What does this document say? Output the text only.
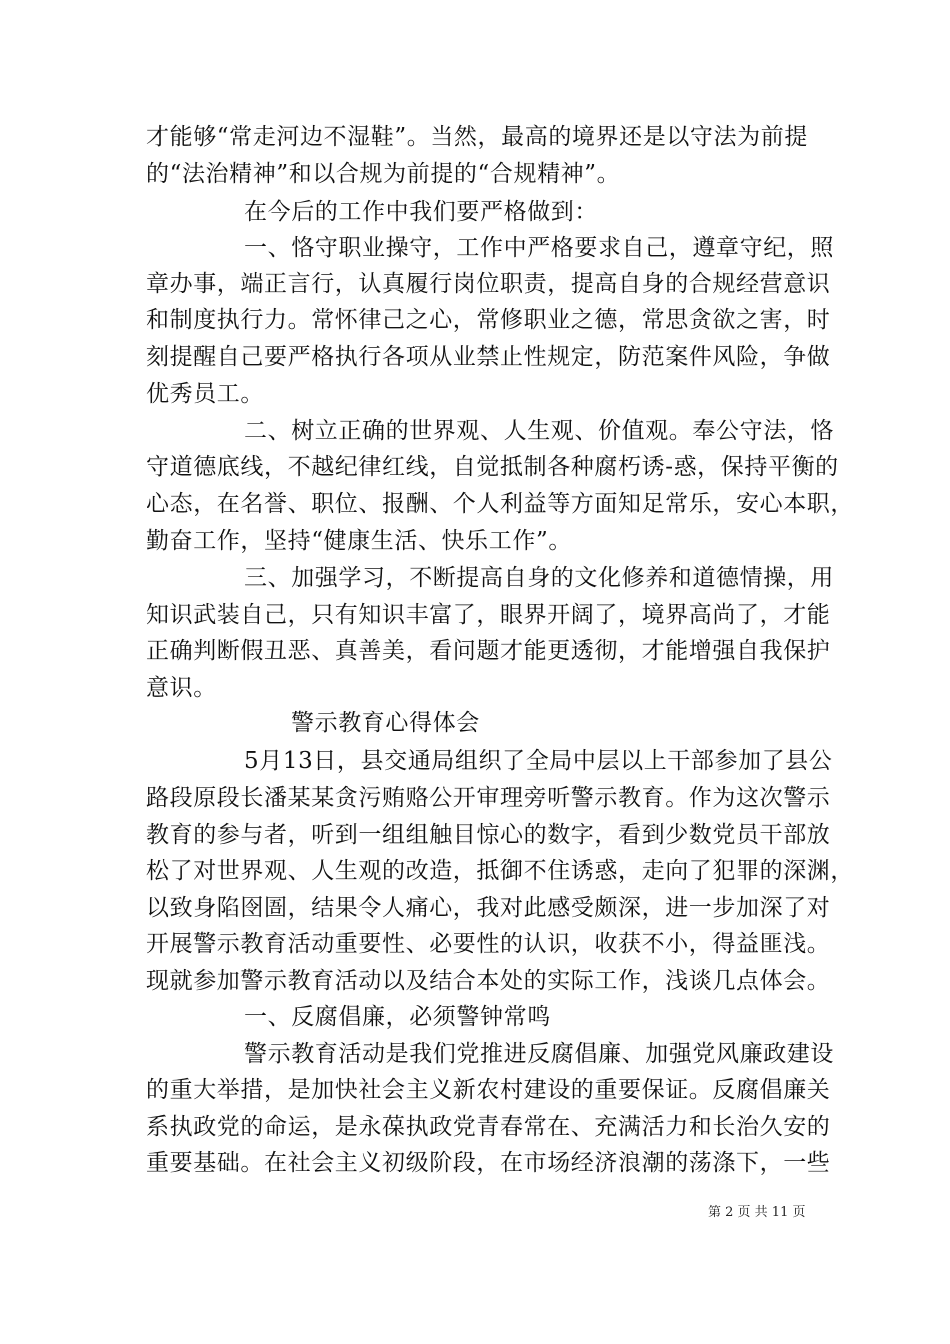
才能够“常走河边不湿鞋”。当然，最高的境界还是以守法为前提
的“法治精神”和以合规为前提的“合规精神”。
在今后的工作中我们要严格做到：
一、恪守职业操守，工作中严格要求自己，遵章守纪，照
章办事，端正言行，认真履行岗位职责，提高自身的合规经营意识
和制度执行力。常怀律己之心，常修职业之德，常思贪欲之害，时
刻提醒自己要严格执行各项从业禁止性规定，防范案件风险，争做
优秀员工。
二、树立正确的世界观、人生观、价值观。奉公守法，恪
守道德底线，不越纪律红线，自觉抵制各种腐朽诱-惑，保持平衡的
心态，在名誉、职位、报酬、个人利益等方面知足常乐，安心本职，
勤奋工作，坚持“健康生活、快乐工作”。
三、加强学习，不断提高自身的文化修养和道德情操，用
知识武装自己，只有知识丰富了，眼界开阔了，境界高尚了，才能
正确判断假丑恶、真善美，看问题才能更透彻，才能增强自我保护
意识。
警示教育心得体会
5月13日，县交通局组织了全局中层以上干部参加了县公
路段原段长潘某某贪污贿赂公开审理旁听警示教育。作为这次警示
教育的参与者，听到一组组触目惊心的数字，看到少数党员干部放
松了对世界观、人生观的改造，抵御不住诱惑，走向了犯罪的深渊，
以致身陷囹圄，结果令人痛心，我对此感受颇深，进一步加深了对
开展警示教育活动重要性、必要性的认识，收获不小，得益匪浅。
现就参加警示教育活动以及结合本处的实际工作，浅谈几点体会。
一、反腐倡廉，必须警钟常鸣
警示教育活动是我们党推进反腐倡廉、加强党风廉政建设
的重大举措，是加快社会主义新农村建设的重要保证。反腐倡廉关
系执政党的命运，是永葆执政党青春常在、充满活力和长治久安的
重要基础。在社会主义初级阶段，在市场经济浪潮的荡涤下，一些
第 2 页 共 11 页
